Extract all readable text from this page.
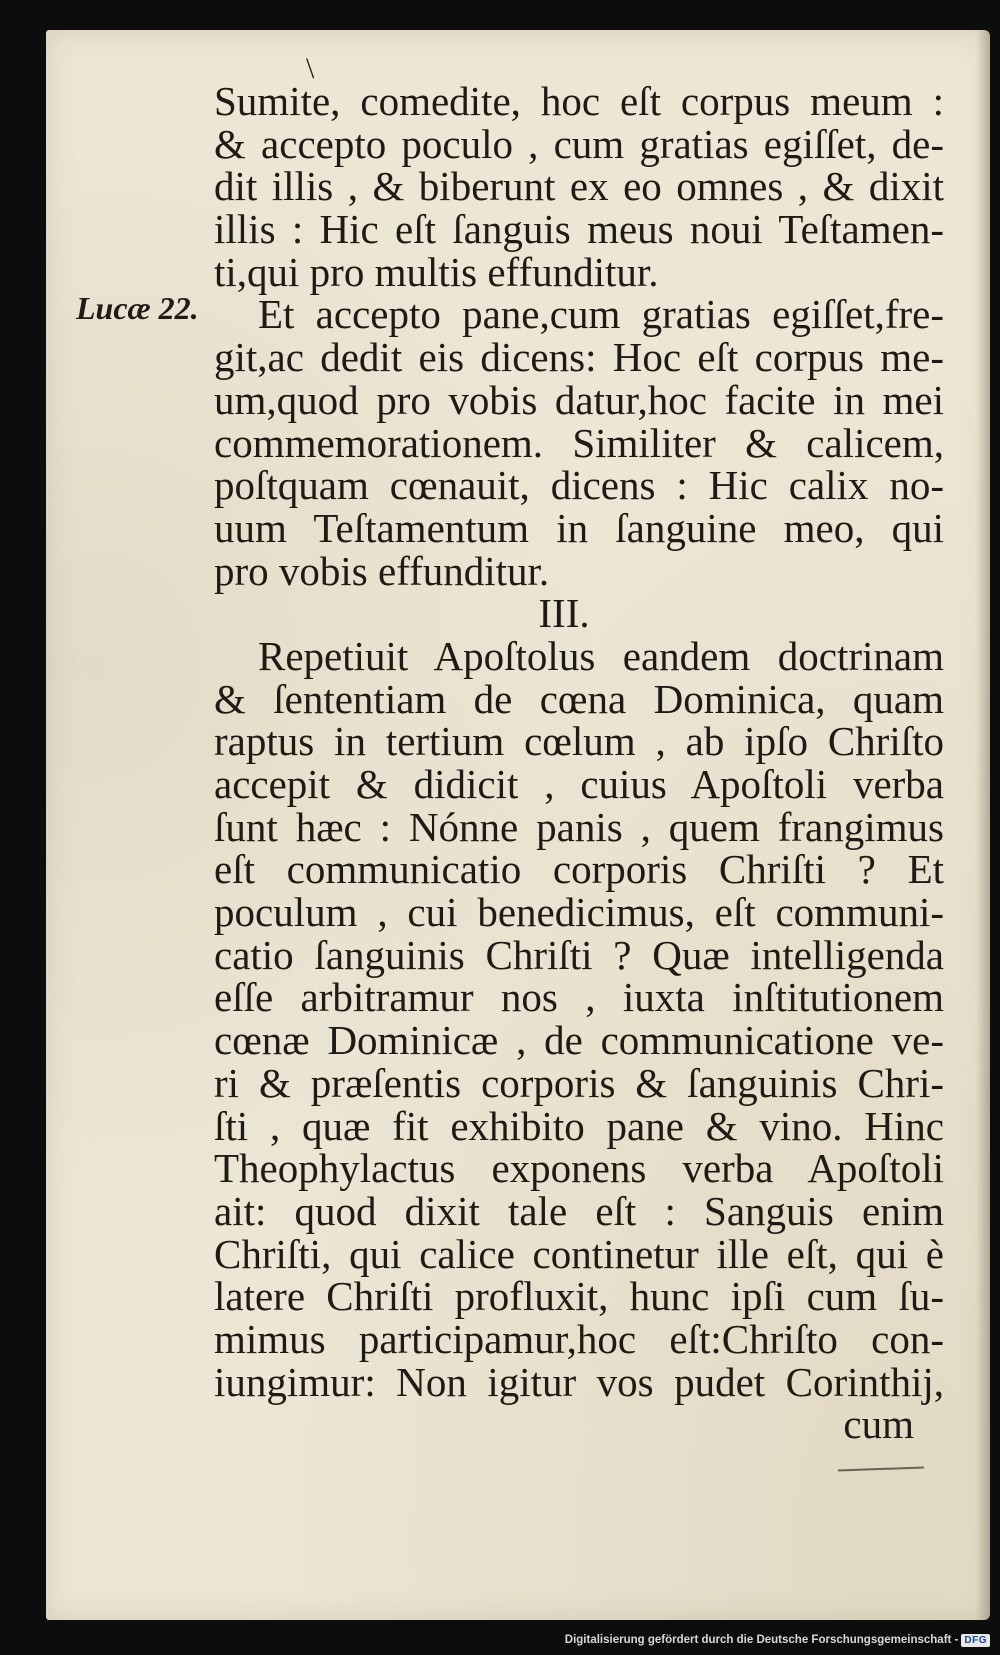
\
Lucæ 22.
Sumite, comedite, hoc eſt corpus meum :
& accepto poculo , cum gratias egiſſet, de-
dit illis , & biberunt ex eo omnes , & dixit
illis : Hic eſt ſanguis meus noui Teſtamen-
ti,qui pro multis effunditur.
Et accepto pane,cum gratias egiſſet,fre-
git,ac dedit eis dicens: Hoc eſt corpus me-
um,quod pro vobis datur,hoc facite in mei
commemorationem. Similiter & calicem,
poſtquam cœnauit, dicens : Hic calix no-
uum Teſtamentum in ſanguine meo, qui
pro vobis effunditur.
III.
Repetiuit Apoſtolus eandem doctrinam
& ſententiam de cœna Dominica, quam
raptus in tertium cœlum , ab ipſo Chriſto
accepit & didicit , cuius Apoſtoli verba
ſunt hæc : Nónne panis , quem frangimus
eſt communicatio corporis Chriſti ? Et
poculum , cui benedicimus, eſt communi-
catio ſanguinis Chriſti ? Quæ intelligenda
eſſe arbitramur nos , iuxta inſtitutionem
cœnæ Dominicæ , de communicatione ve-
ri & præſentis corporis & ſanguinis Chri-
ſti , quæ fit exhibito pane & vino. Hinc
Theophylactus exponens verba Apoſtoli
ait: quod dixit tale eſt : Sanguis enim
Chriſti, qui calice continetur ille eſt, qui è
latere Chriſti profluxit, hunc ipſi cum ſu-
mimus participamur,hoc eſt:Chriſto con-
iungimur: Non igitur vos pudet Corinthij,
cum
Digitalisierung gefördert durch die Deutsche Forschungsgemeinschaft - DFG
